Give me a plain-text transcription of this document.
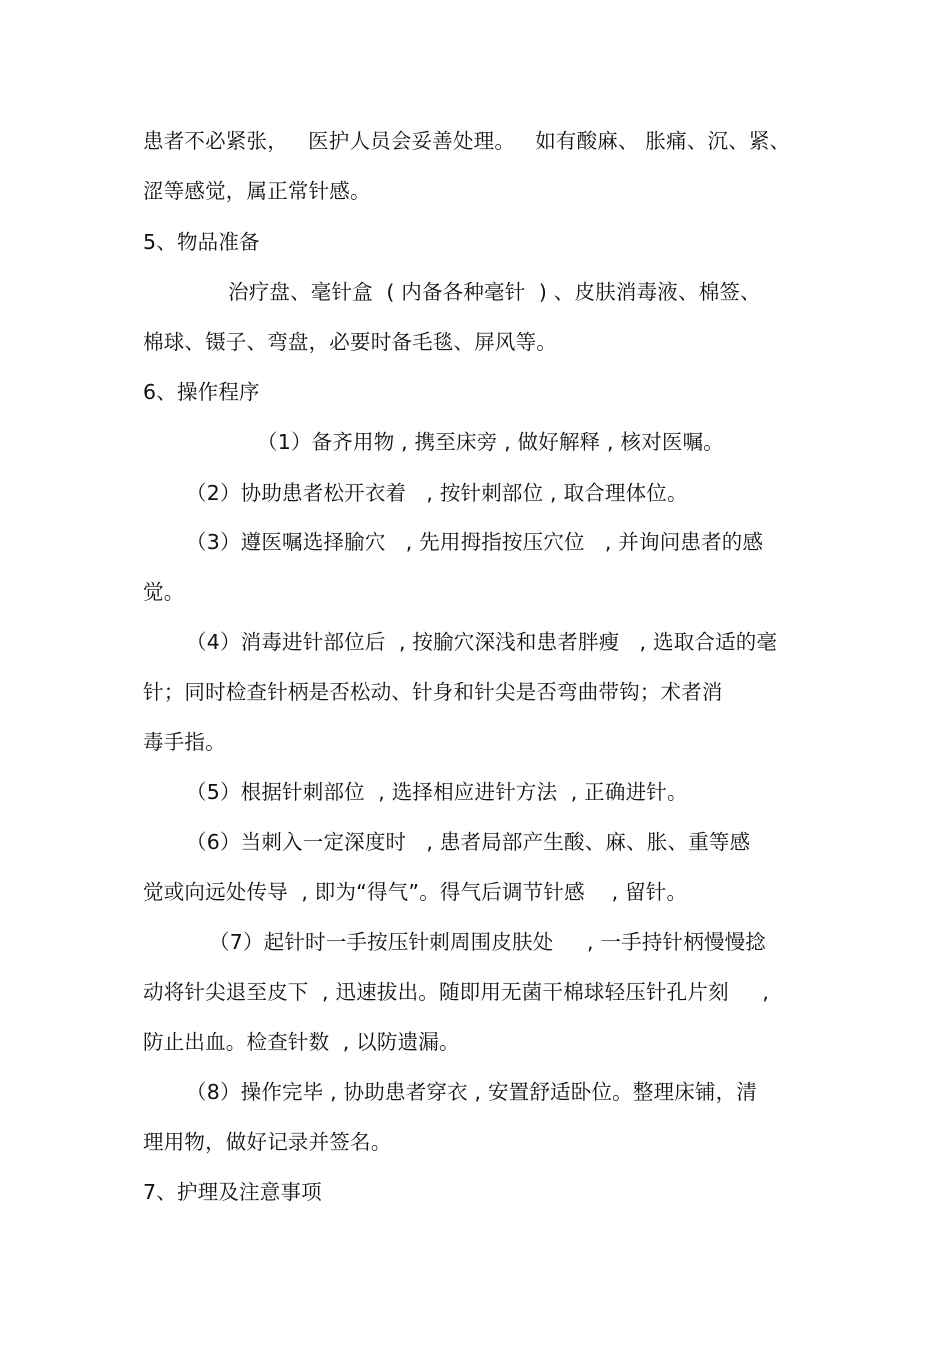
患者不必紧张，   医护人员会妥善处理。   如有酸麻、 胀痛、沉、紧、
涩等感觉，属正常针感。
5、物品准备
治疗盘、毫针盒  ( 内备各种毫针  ) 、皮肤消毒液、棉签、
棉球、镊子、弯盘，必要时备毛毯、屏风等。
6、操作程序
（1）备齐用物 , 携至床旁 , 做好解释 , 核对医嘱。
（2）协助患者松开衣着   , 按针刺部位 , 取合理体位。
（3）遵医嘱选择腧穴   , 先用拇指按压穴位   , 并询问患者的感
觉。
（4）消毒进针部位后  , 按腧穴深浅和患者胖瘦   , 选取合适的毫
针；同时检查针柄是否松动、针身和针尖是否弯曲带钩；术者消
毒手指。
（5）根据针刺部位  , 选择相应进针方法  , 正确进针。
（6）当刺入一定深度时   , 患者局部产生酸、麻、胀、重等感
觉或向远处传导  , 即为“得气”。得气后调节针感    , 留针。
（7）起针时一手按压针刺周围皮肤处     , 一手持针柄慢慢捻
动将针尖退至皮下  , 迅速拔出。随即用无菌干棉球轻压针孔片刻     ,
防止出血。检查针数  , 以防遗漏。
（8）操作完毕 , 协助患者穿衣 , 安置舒适卧位。整理床铺，清
理用物，做好记录并签名。
7、护理及注意事项
